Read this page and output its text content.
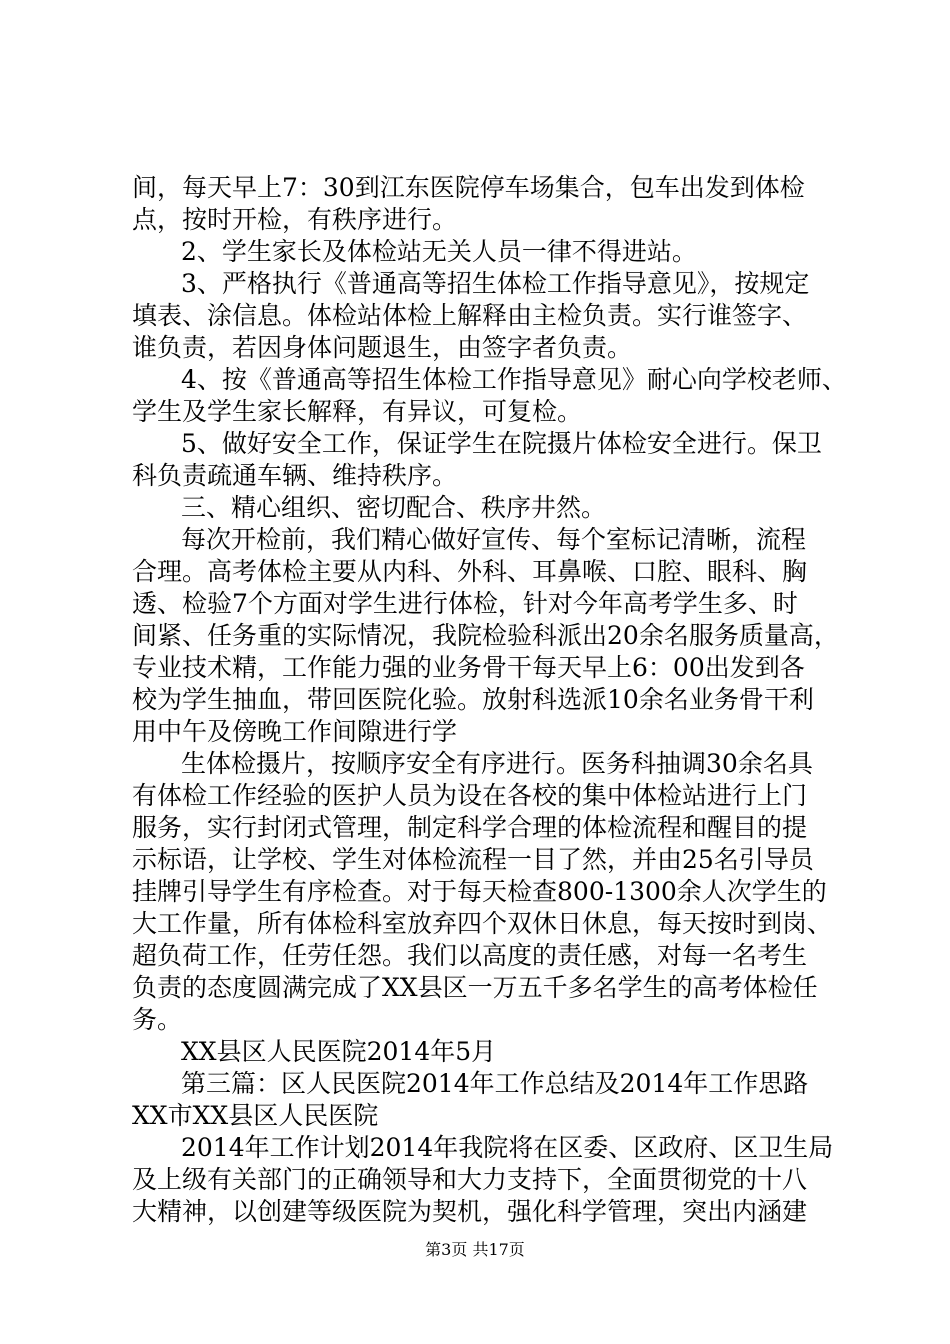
间，每天早上7：30到江东医院停车场集合，包车出发到体检
点，按时开检，有秩序进行。
2、学生家长及体检站无关人员一律不得进站。
3、严格执行《普通高等招生体检工作指导意见》，按规定
填表、涂信息。体检站体检上解释由主检负责。实行谁签字、
谁负责，若因身体问题退生，由签字者负责。
4、按《普通高等招生体检工作指导意见》耐心向学校老师、
学生及学生家长解释，有异议，可复检。
5、做好安全工作，保证学生在院摄片体检安全进行。保卫
科负责疏通车辆、维持秩序。
三、精心组织、密切配合、秩序井然。
每次开检前，我们精心做好宣传、每个室标记清晰，流程
合理。高考体检主要从内科、外科、耳鼻喉、口腔、眼科、胸
透、检验7个方面对学生进行体检，针对今年高考学生多、时
间紧、任务重的实际情况，我院检验科派出20余名服务质量高，
专业技术精，工作能力强的业务骨干每天早上6：00出发到各
校为学生抽血，带回医院化验。放射科选派10余名业务骨干利
用中午及傍晚工作间隙进行学
生体检摄片，按顺序安全有序进行。医务科抽调30余名具
有体检工作经验的医护人员为设在各校的集中体检站进行上门
服务，实行封闭式管理，制定科学合理的体检流程和醒目的提
示标语，让学校、学生对体检流程一目了然，并由25名引导员
挂牌引导学生有序检查。对于每天检查800-1300余人次学生的
大工作量，所有体检科室放弃四个双休日休息，每天按时到岗、
超负荷工作，任劳任怨。我们以高度的责任感，对每一名考生
负责的态度圆满完成了XX县区一万五千多名学生的高考体检任
务。
XX县区人民医院2014年5月
第三篇：区人民医院2014年工作总结及2014年工作思路
XX市XX县区人民医院
2014年工作计划2014年我院将在区委、区政府、区卫生局
及上级有关部门的正确领导和大力支持下，全面贯彻党的十八
大精神，以创建等级医院为契机，强化科学管理，突出内涵建
第3页 共17页
